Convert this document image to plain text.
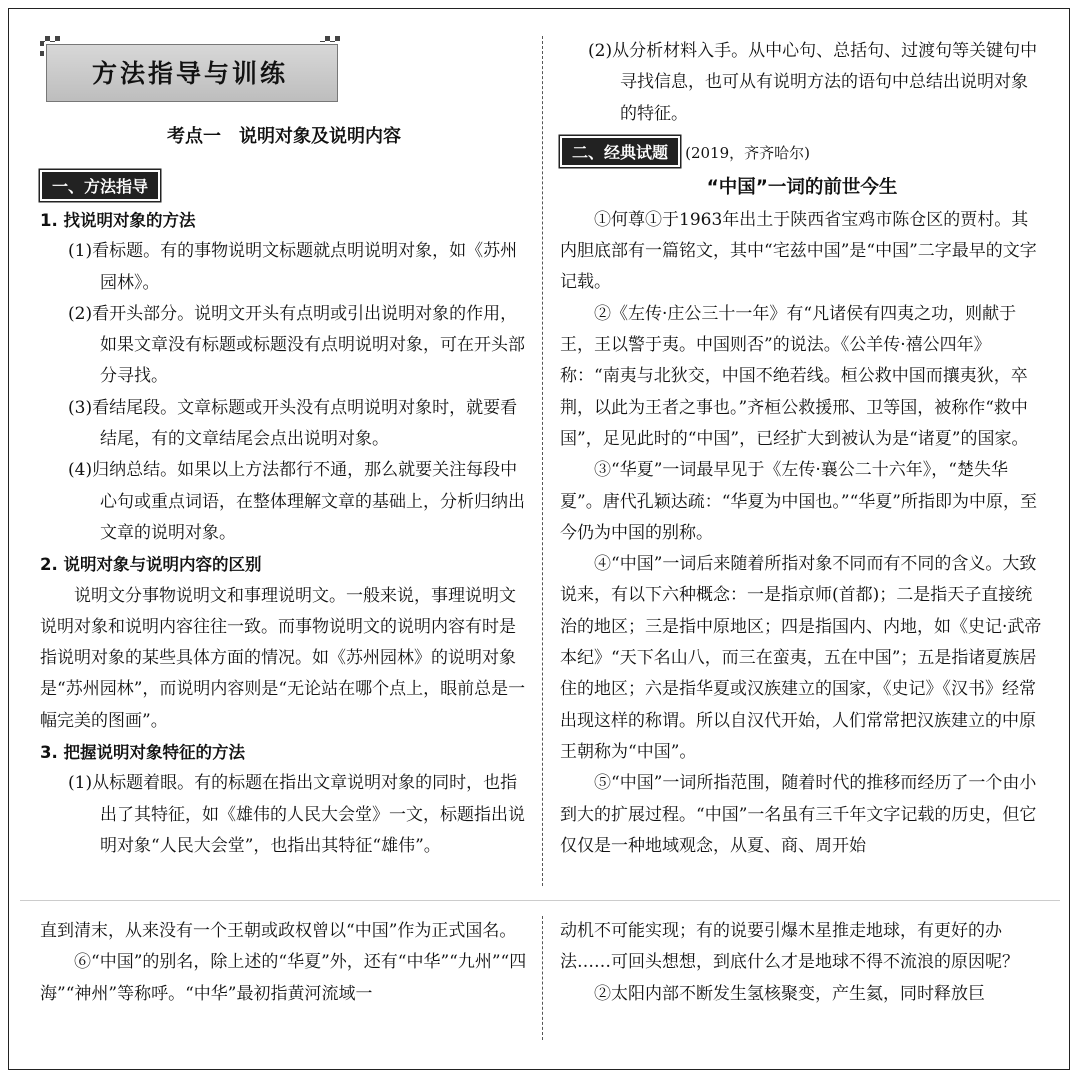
方法指导与训练
考点一　说明对象及说明内容
一、方法指导

1. 找说明对象的方法

(1)看标题。有的事物说明文标题就点明说明对象，如《苏州园林》。

(2)看开头部分。说明文开头有点明或引出说明对象的作用，如果文章没有标题或标题没有点明说明对象，可在开头部分寻找。

(3)看结尾段。文章标题或开头没有点明说明对象时，就要看结尾，有的文章结尾会点出说明对象。

(4)归纳总结。如果以上方法都行不通，那么就要关注每段中心句或重点词语，在整体理解文章的基础上，分析归纳出文章的说明对象。

2. 说明对象与说明内容的区别

说明文分事物说明文和事理说明文。一般来说，事理说明文说明对象和说明内容往往一致。而事物说明文的说明内容有时是指说明对象的某些具体方面的情况。如《苏州园林》的说明对象是“苏州园林”，而说明内容则是“无论站在哪个点上，眼前总是一幅完美的图画”。

3. 把握说明对象特征的方法

(1)从标题着眼。有的标题在指出文章说明对象的同时，也指出了其特征，如《雄伟的人民大会堂》一文，标题指出说明对象“人民大会堂”，也指出其特征“雄伟”。

(2)从分析材料入手。从中心句、总括句、过渡句等关键句中寻找信息，也可从有说明方法的语句中总结出说明对象的特征。

二、经典试题 (2019，齐齐哈尔)
“中国”一词的前世今生

①何尊①于1963年出土于陕西省宝鸡市陈仓区的贾村。其内胆底部有一篇铭文，其中“宅兹中国”是“中国”二字最早的文字记载。

②《左传·庄公三十一年》有“凡诸侯有四夷之功，则献于王，王以警于夷。中国则否”的说法。《公羊传·禧公四年》称：“南夷与北狄交，中国不绝若线。桓公救中国而攘夷狄，卒荆，以此为王者之事也。”齐桓公救援邢、卫等国，被称作“救中国”，足见此时的“中国”，已经扩大到被认为是“诸夏”的国家。

③“华夏”一词最早见于《左传·襄公二十六年》，“楚失华夏”。唐代孔颖达疏：“华夏为中国也。”“华夏”所指即为中原，至今仍为中国的别称。

④“中国”一词后来随着所指对象不同而有不同的含义。大致说来，有以下六种概念：一是指京师(首都)；二是指天子直接统治的地区；三是指中原地区；四是指国内、内地，如《史记·武帝本纪》“天下名山八，而三在蛮夷，五在中国”；五是指诸夏族居住的地区；六是指华夏或汉族建立的国家，《史记》《汉书》经常出现这样的称谓。所以自汉代开始，人们常常把汉族建立的中原王朝称为“中国”。

⑤“中国”一词所指范围，随着时代的推移而经历了一个由小到大的扩展过程。“中国”一名虽有三千年文字记载的历史，但它仅仅是一种地域观念，从夏、商、周开始

直到清末，从来没有一个王朝或政权曾以“中国”作为正式国名。

⑥“中国”的别名，除上述的“华夏”外，还有“中华”“九州”“四海”“神州”等称呼。“中华”最初指黄河流域一

动机不可能实现；有的说要引爆木星推走地球，有更好的办法……可回头想想，到底什么才是地球不得不流浪的原因呢？

②太阳内部不断发生氢核聚变，产生氦，同时释放巨
